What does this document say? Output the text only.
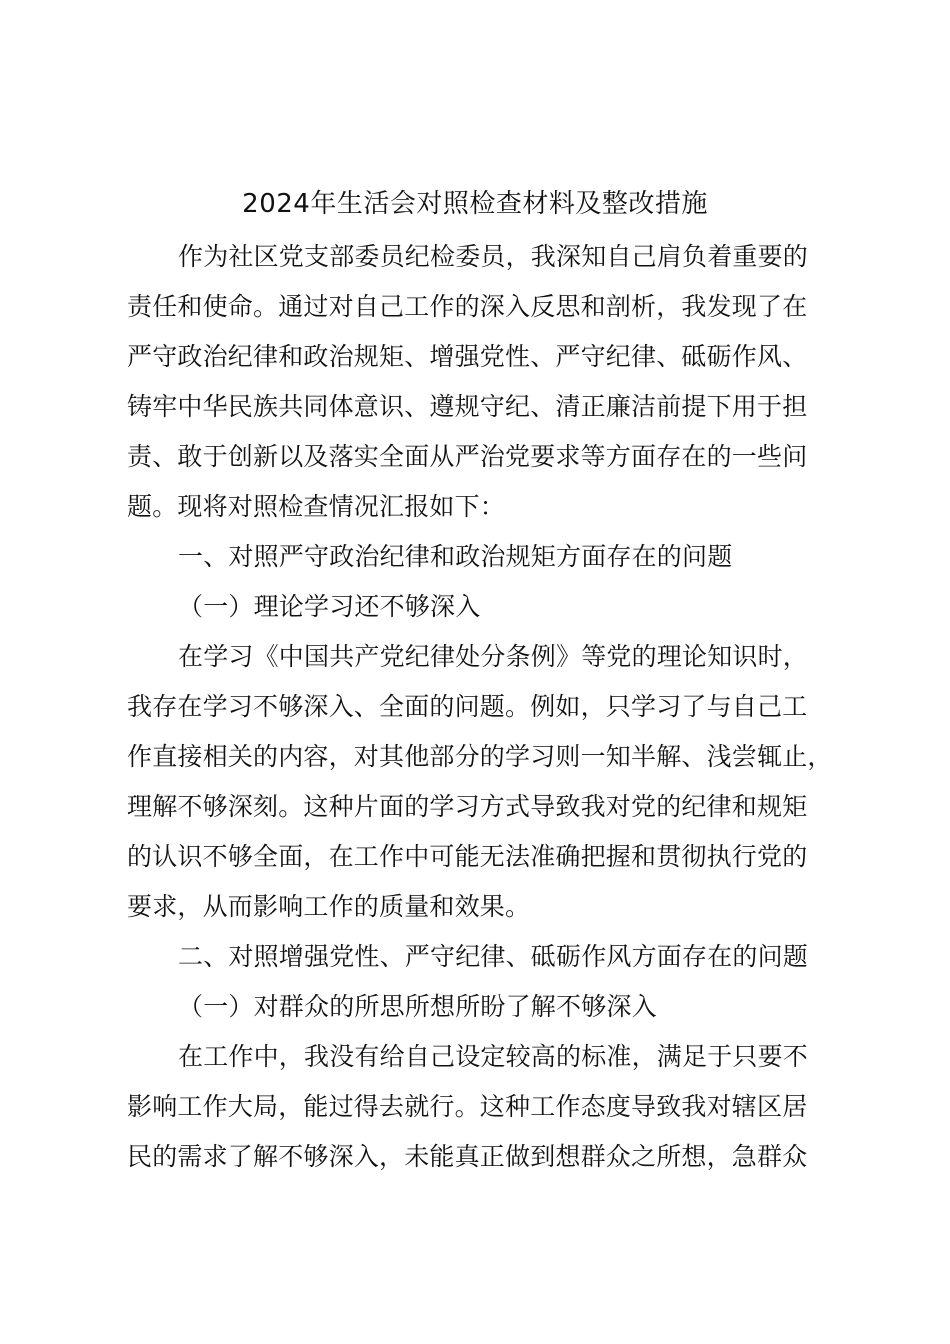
2024年生活会对照检查材料及整改措施
作为社区党支部委员纪检委员，我深知自己肩负着重要的
责任和使命。通过对自己工作的深入反思和剖析，我发现了在
严守政治纪律和政治规矩、增强党性、严守纪律、砥砺作风、
铸牢中华民族共同体意识、遵规守纪、清正廉洁前提下用于担
责、敢于创新以及落实全面从严治党要求等方面存在的一些问
题。现将对照检查情况汇报如下：
一、对照严守政治纪律和政治规矩方面存在的问题
（一）理论学习还不够深入
在学习《中国共产党纪律处分条例》等党的理论知识时，
我存在学习不够深入、全面的问题。例如，只学习了与自己工
作直接相关的内容，对其他部分的学习则一知半解、浅尝辄止，
理解不够深刻。这种片面的学习方式导致我对党的纪律和规矩
的认识不够全面，在工作中可能无法准确把握和贯彻执行党的
要求，从而影响工作的质量和效果。
二、对照增强党性、严守纪律、砥砺作风方面存在的问题
（一）对群众的所思所想所盼了解不够深入
在工作中，我没有给自己设定较高的标准，满足于只要不
影响工作大局，能过得去就行。这种工作态度导致我对辖区居
民的需求了解不够深入，未能真正做到想群众之所想，急群众
